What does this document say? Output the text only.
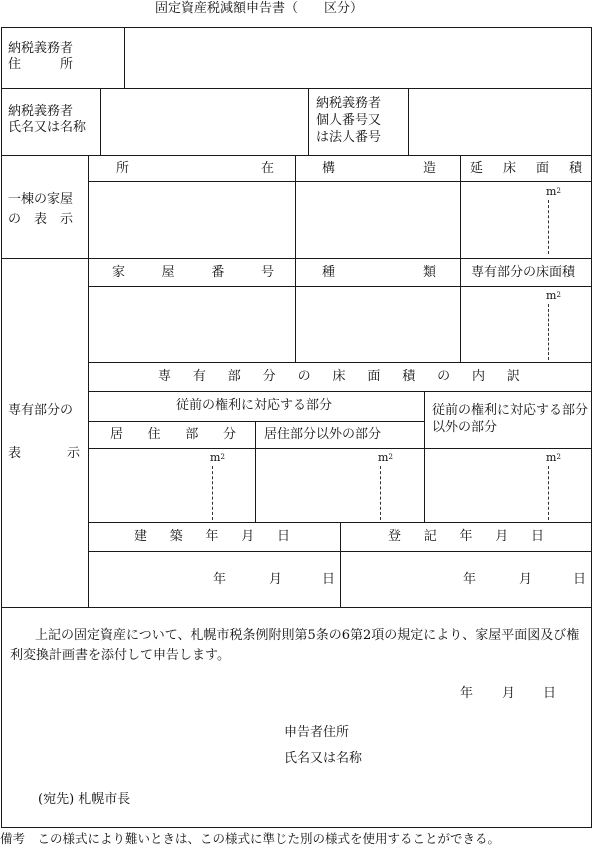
固定資産税減額申告書（　　区分）
納税義務者
住　　　所
納税義務者
氏名又は名称
納税義務者
個人番号又
は法人番号
一棟の家屋
の　表　示
所	在	構	造	延 床 面 積
$m^2$
専有部分の
表	示
家	屋	番	号	種	類	専有部分の床面積
$m^2$
専 有 部 分 の 床 面 積 の 内 訳
従前の権利に対応する部分
居 住 部 分 居住部分以外の部分
従前の権利に対応する部分以外の部分
$m^2$	$m^2$	$m^2$
建 築 年 月 日	登 記 年 月 日
年	月	日	年	月	日
上記の固定資産について、札幌市税条例附則第5条の6第2項の規定により、家屋平面図及び権利変換計画書を添付して申告します。
年 月 日
申告者住所
氏名又は名称
(宛先) 札幌市長
備考　この様式により難いときは、この様式に準じた別の様式を使用することができる。
